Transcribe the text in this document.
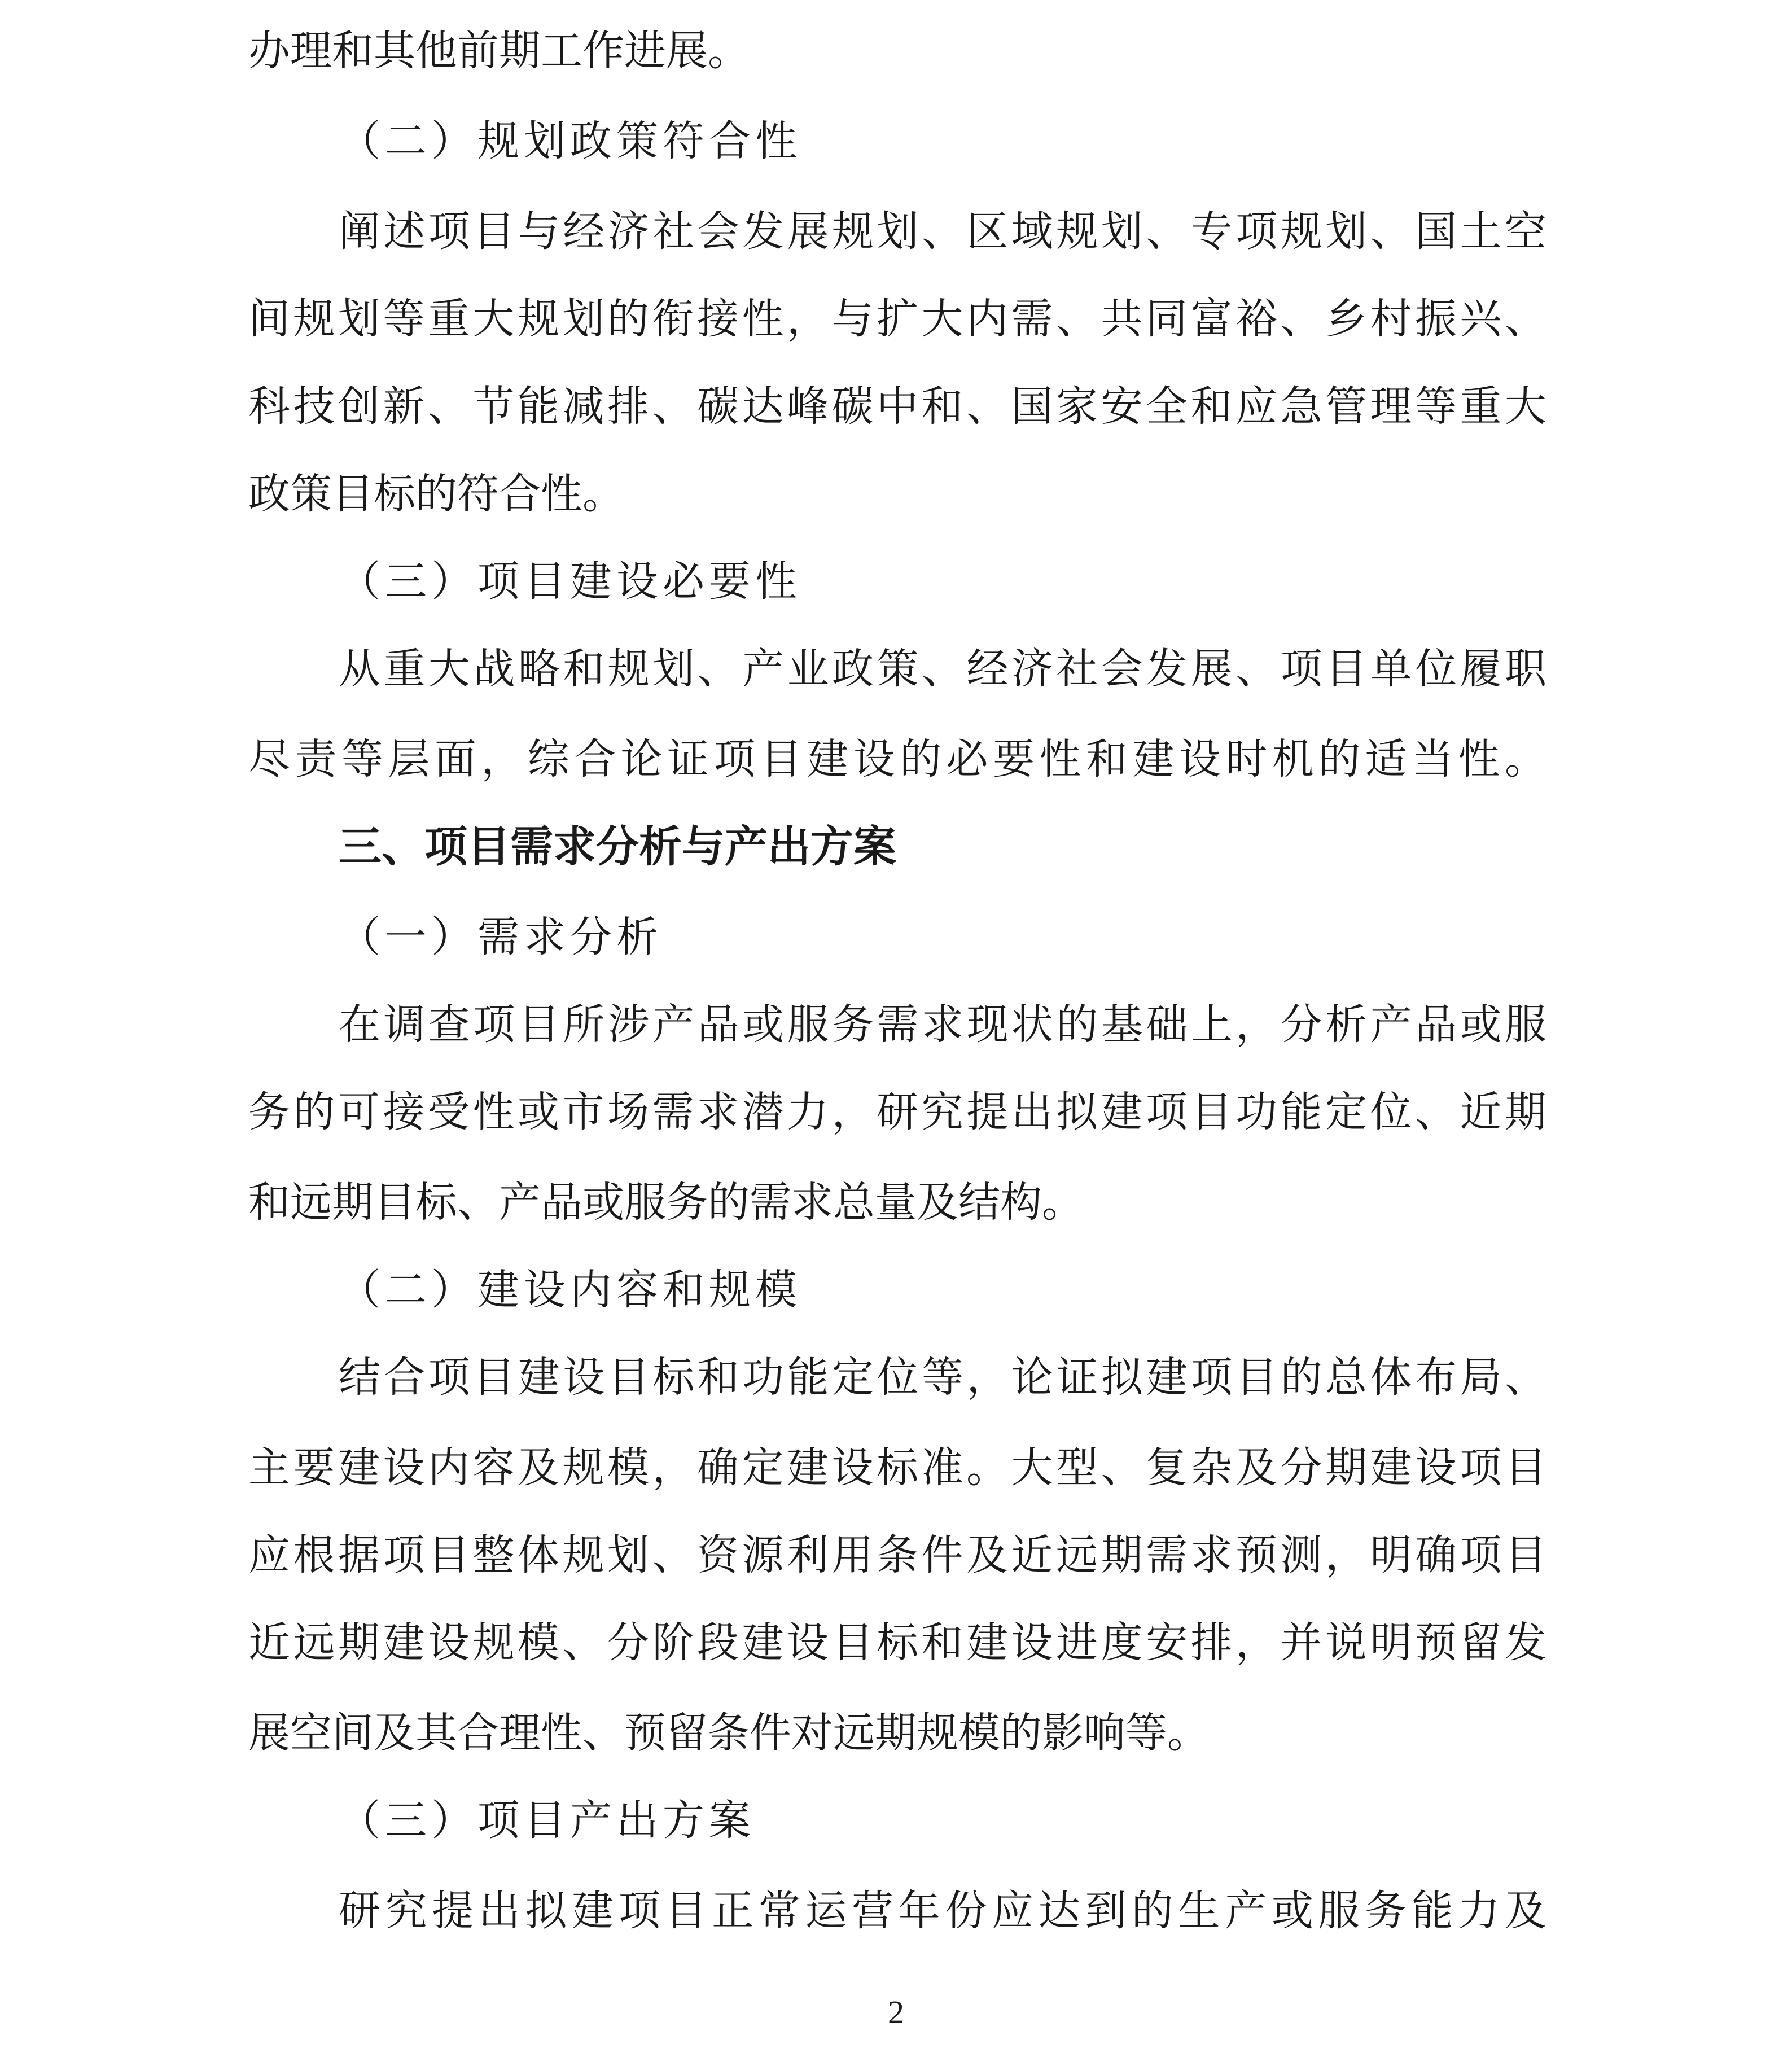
办理和其他前期工作进展。
（二）规划政策符合性
阐述项目与经济社会发展规划、区域规划、专项规划、国土空
间规划等重大规划的衔接性，与扩大内需、共同富裕、乡村振兴、
科技创新、节能减排、碳达峰碳中和、国家安全和应急管理等重大
政策目标的符合性。
（三）项目建设必要性
从重大战略和规划、产业政策、经济社会发展、项目单位履职
尽责等层面，综合论证项目建设的必要性和建设时机的适当性。
三、项目需求分析与产出方案
（一）需求分析
在调查项目所涉产品或服务需求现状的基础上，分析产品或服
务的可接受性或市场需求潜力，研究提出拟建项目功能定位、近期
和远期目标、产品或服务的需求总量及结构。
（二）建设内容和规模
结合项目建设目标和功能定位等，论证拟建项目的总体布局、
主要建设内容及规模，确定建设标准。大型、复杂及分期建设项目
应根据项目整体规划、资源利用条件及近远期需求预测，明确项目
近远期建设规模、分阶段建设目标和建设进度安排，并说明预留发
展空间及其合理性、预留条件对远期规模的影响等。
（三）项目产出方案
研究提出拟建项目正常运营年份应达到的生产或服务能力及
2
